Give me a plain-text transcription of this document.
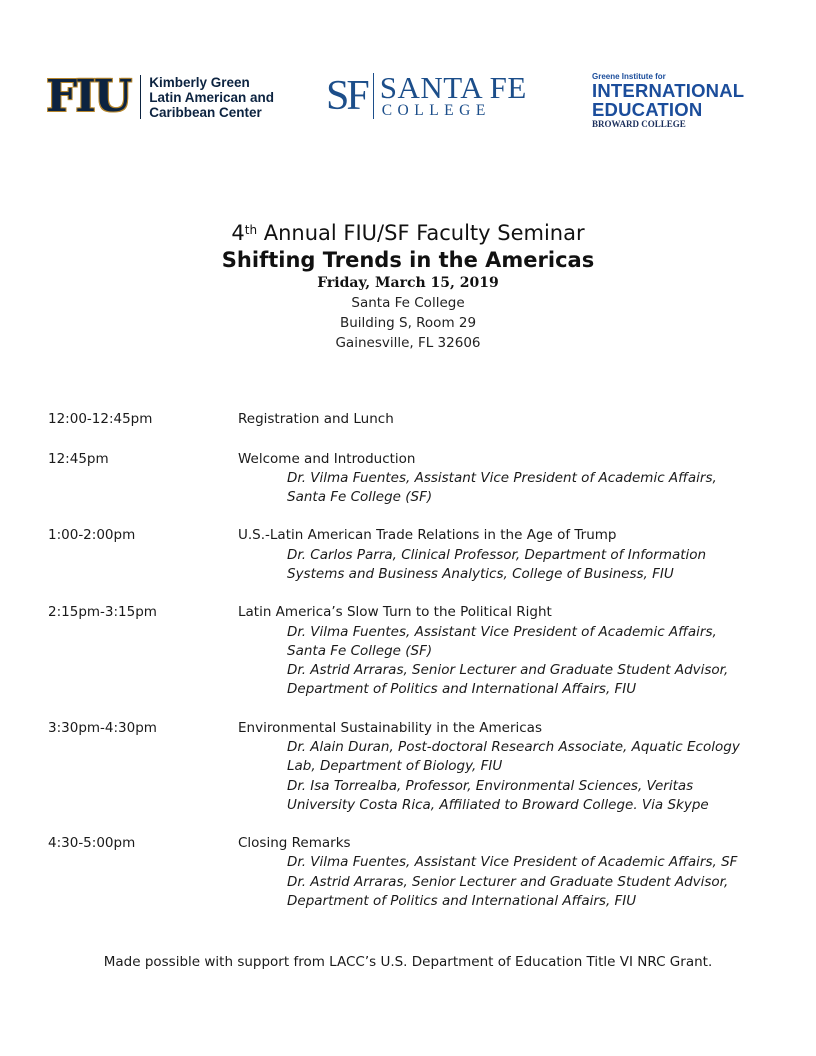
FIU Kimberly Green
Latin American and
Caribbean Center SF SANTA FE
COLLEGE
Greene Institute for
INTERNATIONAL
EDUCATION
BROWARD COLLEGE
4th Annual FIU/SF Faculty Seminar
Shifting Trends in the Americas
Friday, March 15, 2019
Santa Fe College
Building S, Room 29
Gainesville, FL 32606
12:00-12:45pm	Registration and Lunch
12:45pm	Welcome and Introduction
Dr. Vilma Fuentes, Assistant Vice President of Academic Affairs,
Santa Fe College (SF)
1:00-2:00pm	U.S.-Latin American Trade Relations in the Age of Trump
Dr. Carlos Parra, Clinical Professor, Department of Information
Systems and Business Analytics, College of Business, FIU
2:15pm-3:15pm	Latin America’s Slow Turn to the Political Right
Dr. Vilma Fuentes, Assistant Vice President of Academic Affairs,
Santa Fe College (SF)
Dr. Astrid Arraras, Senior Lecturer and Graduate Student Advisor,
Department of Politics and International Affairs, FIU
3:30pm-4:30pm	Environmental Sustainability in the Americas
Dr. Alain Duran, Post-doctoral Research Associate, Aquatic Ecology
Lab, Department of Biology, FIU
Dr. Isa Torrealba, Professor, Environmental Sciences, Veritas
University Costa Rica, Affiliated to Broward College. Via Skype
4:30-5:00pm	Closing Remarks
Dr. Vilma Fuentes, Assistant Vice President of Academic Affairs, SF
Dr. Astrid Arraras, Senior Lecturer and Graduate Student Advisor,
Department of Politics and International Affairs, FIU
Made possible with support from LACC’s U.S. Department of Education Title VI NRC Grant.
